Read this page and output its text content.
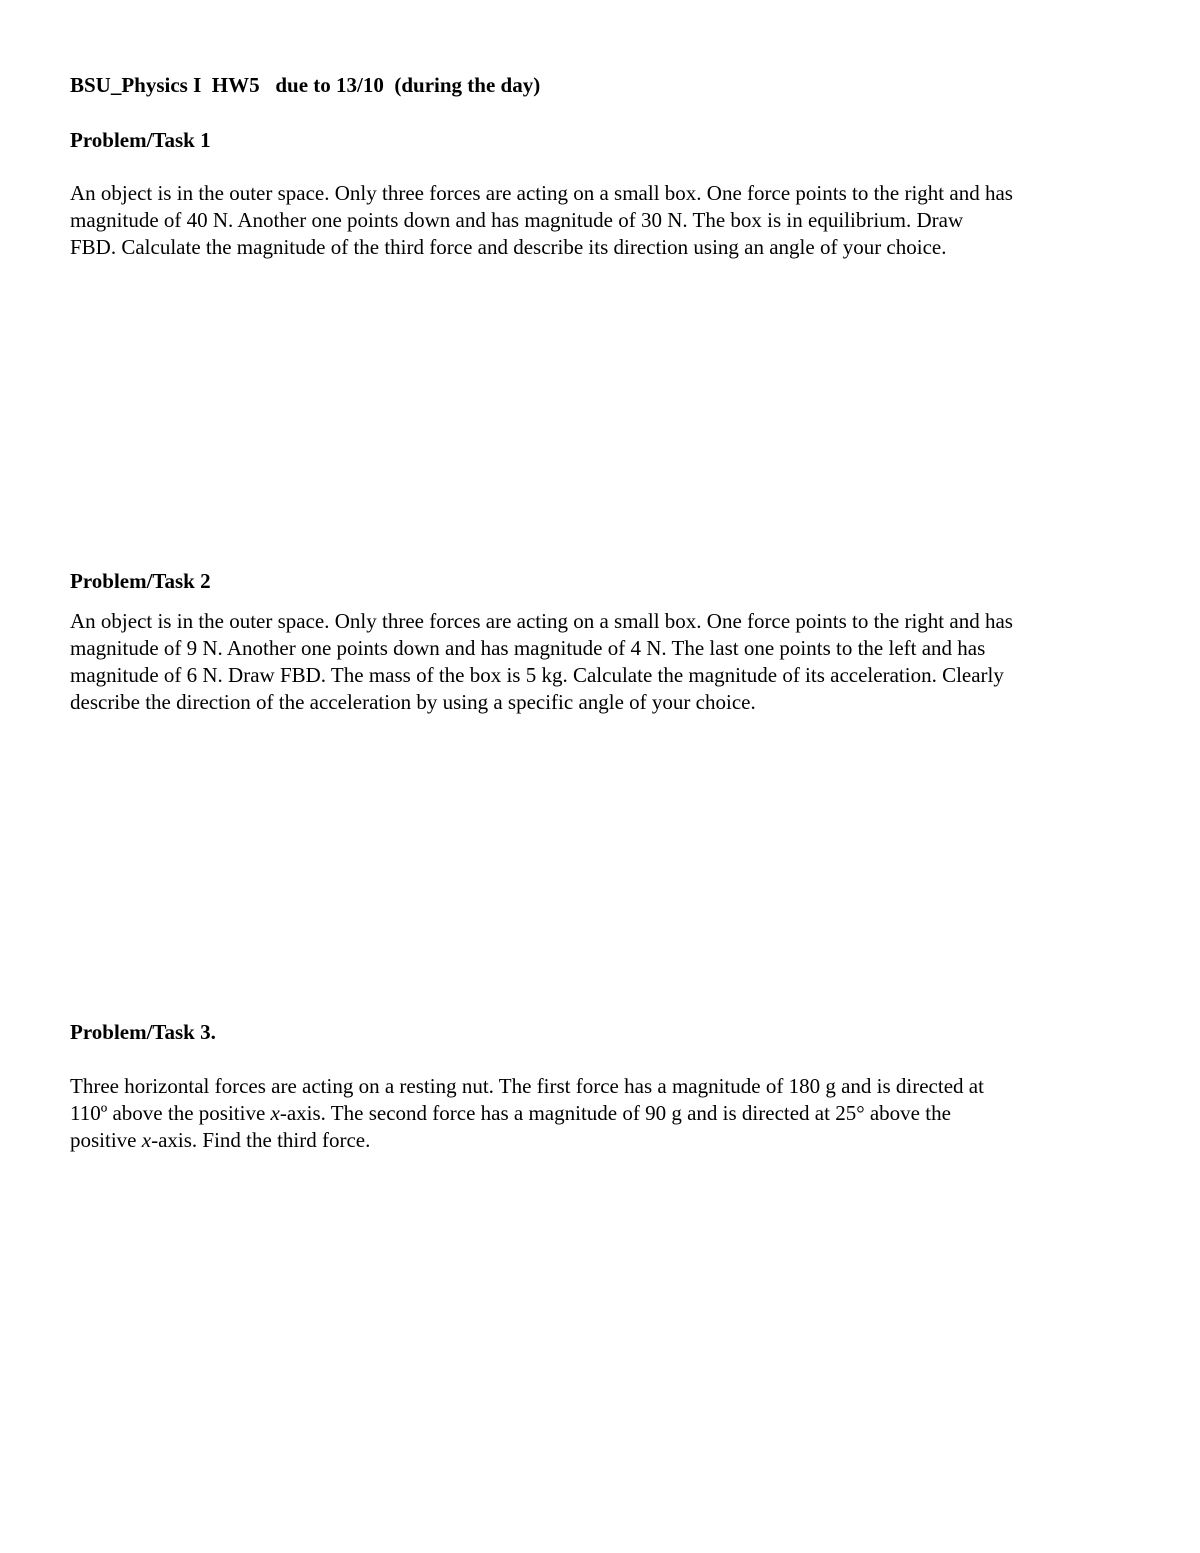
BSU_Physics I  HW5   due to 13/10  (during the day)
Problem/Task 1
An object is in the outer space. Only three forces are acting on a small box. One force points to the right and has
magnitude of 40 N. Another one points down and has magnitude of 30 N. The box is in equilibrium. Draw
FBD. Calculate the magnitude of the third force and describe its direction using an angle of your choice.
Problem/Task 2
An object is in the outer space. Only three forces are acting on a small box. One force points to the right and has
magnitude of 9 N. Another one points down and has magnitude of 4 N. The last one points to the left and has
magnitude of 6 N. Draw FBD. The mass of the box is 5 kg. Calculate the magnitude of its acceleration. Clearly
describe the direction of the acceleration by using a specific angle of your choice.
Problem/Task 3.
Three horizontal forces are acting on a resting nut. The first force has a magnitude of 180 g and is directed at
110º above the positive x-axis. The second force has a magnitude of 90 g and is directed at 25° above the
positive x-axis. Find the third force.
